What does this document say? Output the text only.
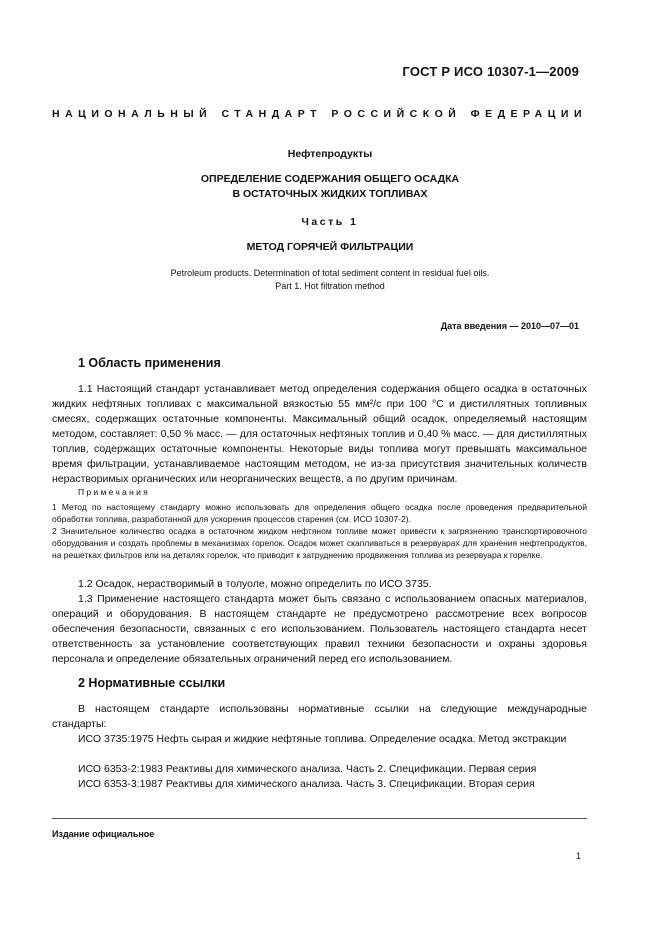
ГОСТ Р ИСО 10307-1—2009
НАЦИОНАЛЬНЫЙ СТАНДАРТ РОССИЙСКОЙ ФЕДЕРАЦИИ
Нефтепродукты
ОПРЕДЕЛЕНИЕ СОДЕРЖАНИЯ ОБЩЕГО ОСАДКА
В ОСТАТОЧНЫХ ЖИДКИХ ТОПЛИВАХ
Часть 1
МЕТОД ГОРЯЧЕЙ ФИЛЬТРАЦИИ
Petroleum products. Determination of total sediment content in residual fuel oils.
Part 1. Hot filtration method
Дата введения — 2010—07—01
1 Область применения
1.1 Настоящий стандарт устанавливает метод определения содержания общего осадка в остаточных жидких нефтяных топливах с максимальной вязкостью 55 мм²/с при 100 °С и дистиллятных топливных смесях, содержащих остаточные компоненты. Максимальный общий осадок, определяемый настоящим методом, составляет: 0,50 % масс. — для остаточных нефтяных топлив и 0,40 % масс. — для дистиллятных топлив, содержащих остаточные компоненты. Некоторые виды топлива могут превышать максимальное время фильтрации, устанавливаемое настоящим методом, не из-за присутствия значительных количеств нерастворимых органических или неорганических веществ, а по другим причинам.
Примечания
1 Метод по настоящему стандарту можно использовать для определения общего осадка после проведения предварительной обработки топлива, разработанной для ускорения процессов старения (см. ИСО 10307-2).
2 Значительное количество осадка в остаточном жидком нефтяном топливе может привести к загрязнению транспортировочного оборудования и создать проблемы в механизмах горелок. Осадок может скапливаться в резервуарах для хранения нефтепродуктов, на решетках фильтров или на деталях горелок, что приводит к затруднению продвижения топлива из резервуара к горелке.
1.2 Осадок, нерастворимый в толуоле, можно определить по ИСО 3735.
1.3 Применение настоящего стандарта может быть связано с использованием опасных материалов, операций и оборудования. В настоящем стандарте не предусмотрено рассмотрение всех вопросов обеспечения безопасности, связанных с его использованием. Пользователь настоящего стандарта несет ответственность за установление соответствующих правил техники безопасности и охраны здоровья персонала и определение обязательных ограничений перед его использованием.
2 Нормативные ссылки
В настоящем стандарте использованы нормативные ссылки на следующие международные стандарты:
ИСО 3735:1975 Нефть сырая и жидкие нефтяные топлива. Определение осадка. Метод экстракции
ИСО 6353-2:1983 Реактивы для химического анализа. Часть 2. Спецификации. Первая серия
ИСО 6353-3:1987 Реактивы для химического анализа. Часть 3. Спецификации. Вторая серия
Издание официальное
1
